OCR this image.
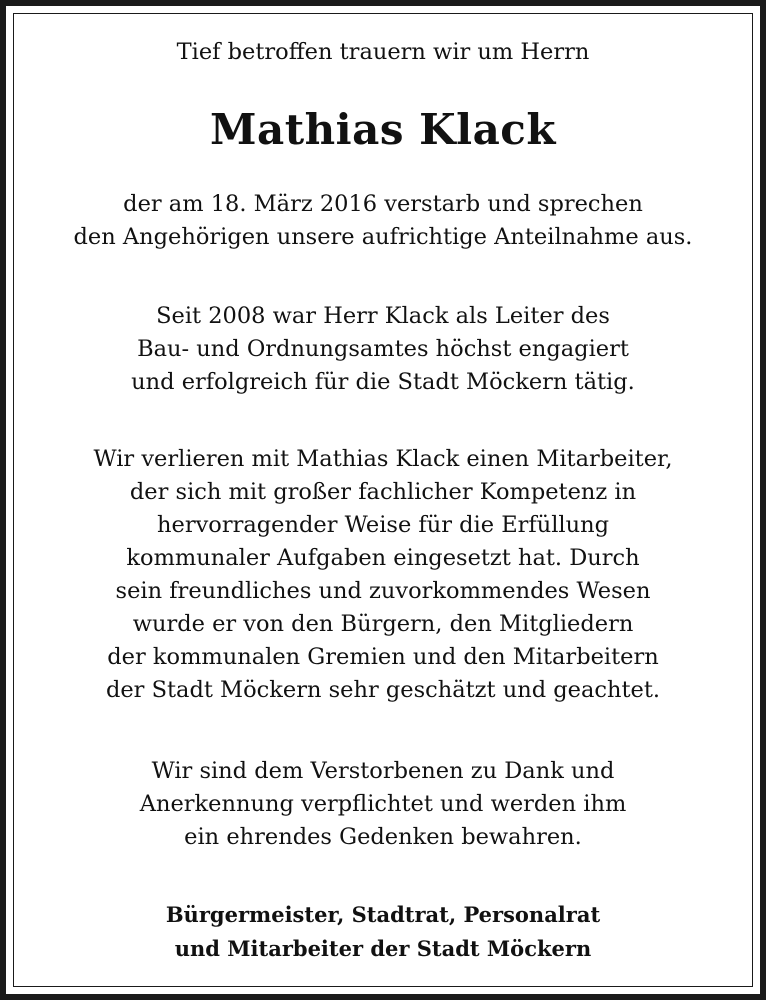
Tief betroffen trauern wir um Herrn

Mathias Klack

der am 18. März 2016 verstarb und sprechen

den Angehörigen unsere aufrichtige Anteilnahme aus.

Seit 2008 war Herr Klack als Leiter des

Bau- und Ordnungsamtes höchst engagiert

und erfolgreich für die Stadt Möckern tätig.

Wir verlieren mit Mathias Klack einen Mitarbeiter,

der sich mit großer fachlicher Kompetenz in

hervorragender Weise für die Erfüllung

kommunaler Aufgaben eingesetzt hat. Durch

sein freundliches und zuvorkommendes Wesen

wurde er von den Bürgern, den Mitgliedern

der kommunalen Gremien und den Mitarbeitern

der Stadt Möckern sehr geschätzt und geachtet.

Wir sind dem Verstorbenen zu Dank und

Anerkennung verpflichtet und werden ihm

ein ehrendes Gedenken bewahren.

Bürgermeister, Stadtrat, Personalrat

und Mitarbeiter der Stadt Möckern
